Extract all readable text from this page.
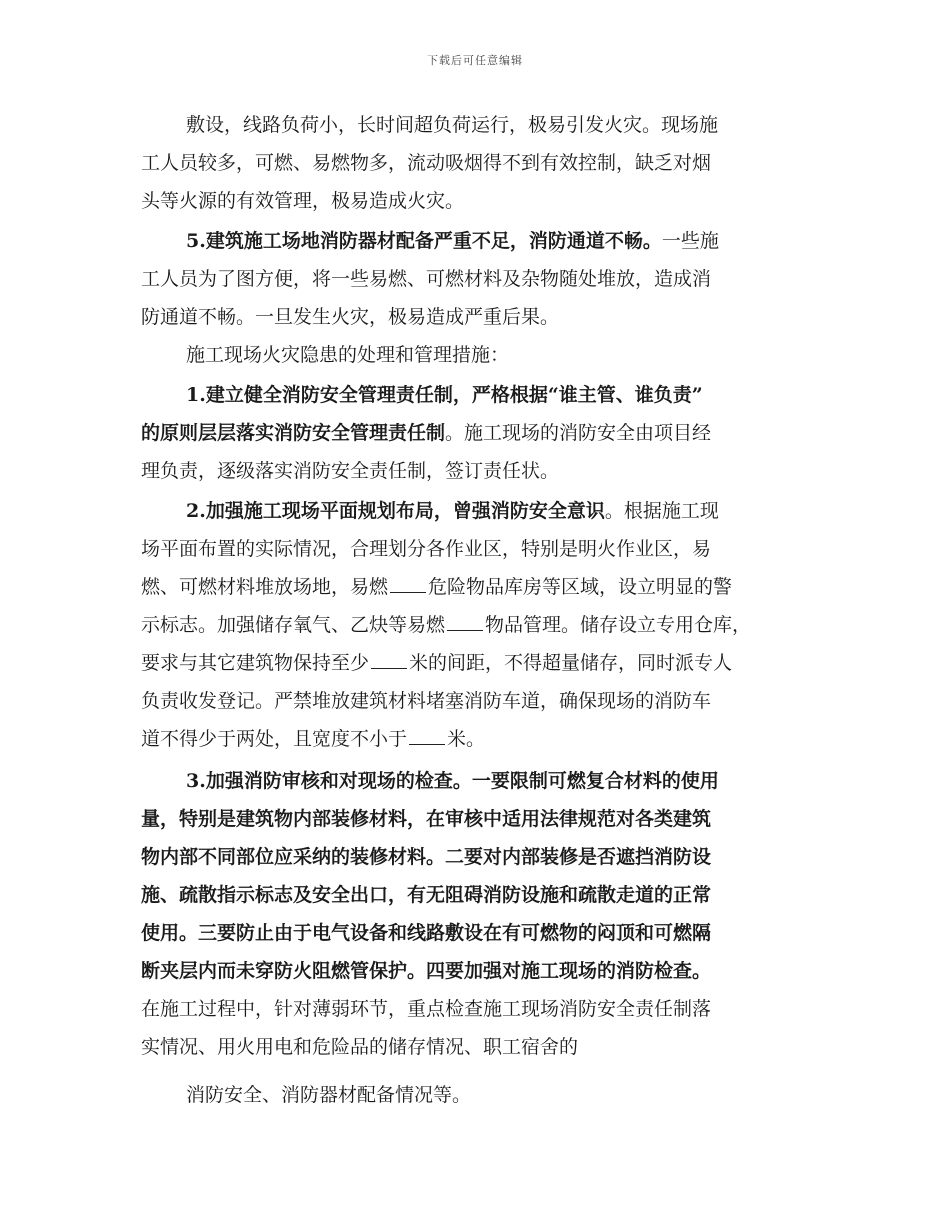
下载后可任意编辑
敷设，线路负荷小，长时间超负荷运行，极易引发火灾。现场施
工人员较多，可燃、易燃物多，流动吸烟得不到有效控制，缺乏对烟
头等火源的有效管理，极易造成火灾。
5.建筑施工场地消防器材配备严重不足，消防通道不畅。一些施
工人员为了图方便，将一些易燃、可燃材料及杂物随处堆放，造成消
防通道不畅。一旦发生火灾，极易造成严重后果。
施工现场火灾隐患的处理和管理措施：
1.建立健全消防安全管理责任制，严格根据“谁主管、谁负责”
的原则层层落实消防安全管理责任制。施工现场的消防安全由项目经
理负责，逐级落实消防安全责任制，签订责任状。
2.加强施工现场平面规划布局，曾强消防安全意识。根据施工现
场平面布置的实际情况，合理划分各作业区，特别是明火作业区，易
燃、可燃材料堆放场地，易燃 危险物品库房等区域，设立明显的警
示标志。加强储存氧气、乙炔等易燃 物品管理。储存设立专用仓库，
要求与其它建筑物保持至少 米的间距，不得超量储存，同时派专人
负责收发登记。严禁堆放建筑材料堵塞消防车道，确保现场的消防车
道不得少于两处，且宽度不小于 米。
3.加强消防审核和对现场的检查。一要限制可燃复合材料的使用
量，特别是建筑物内部装修材料，在审核中适用法律规范对各类建筑
物内部不同部位应采纳的装修材料。二要对内部装修是否遮挡消防设
施、疏散指示标志及安全出口，有无阻碍消防设施和疏散走道的正常
使用。三要防止由于电气设备和线路敷设在有可燃物的闷顶和可燃隔
断夹层内而未穿防火阻燃管保护。四要加强对施工现场的消防检查。
在施工过程中，针对薄弱环节，重点检查施工现场消防安全责任制落
实情况、用火用电和危险品的储存情况、职工宿舍的
消防安全、消防器材配备情况等。
